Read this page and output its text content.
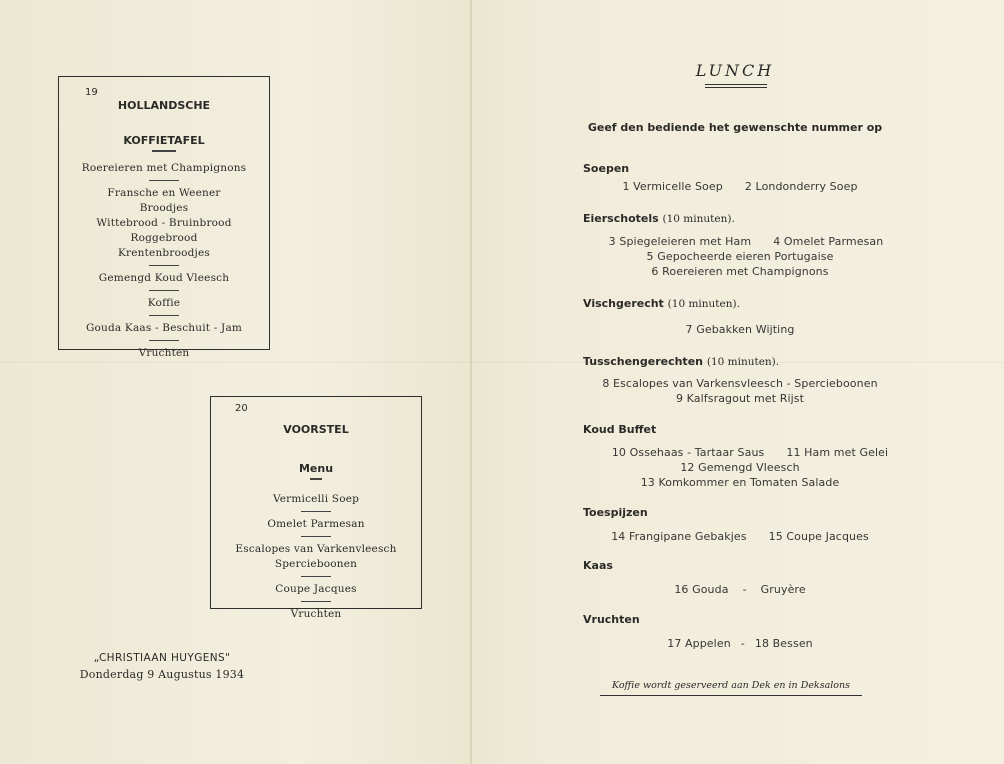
19
HOLLANDSCHE
KOFFIETAFEL
Roereieren met Champignons
Fransche en Weener
Broodjes
Wittebrood - Bruinbrood
Roggebrood
Krentenbroodjes
Gemengd Koud Vleesch
Koffie
Gouda Kaas - Beschuit - Jam
Vruchten
20
VOORSTEL
Menu
Vermicelli Soep
Omelet Parmesan
Escalopes van Varkenvleesch
Spercieboonen
Coupe Jacques
Vruchten
„CHRISTIAAN HUYGENS"
Donderdag 9 Augustus 1934
LUNCH
Geef den bediende het gewenschte nummer op
Soepen
1 Vermicelle Soep 2 Londonderry Soep
Eierschotels (10 minuten).
3 Spiegeleieren met Ham 4 Omelet Parmesan
5 Gepocheerde eieren Portugaise
6 Roereieren met Champignons
Vischgerecht (10 minuten).
7 Gebakken Wijting
Tusschengerechten (10 minuten).
8 Escalopes van Varkensvleesch - Spercieboonen
9 Kalfsragout met Rijst
Koud Buffet
10 Ossehaas - Tartaar Saus 11 Ham met Gelei
12 Gemengd Vleesch
13 Komkommer en Tomaten Salade
Toespijzen
14 Frangipane Gebakjes 15 Coupe Jacques
Kaas
16 Gouda - Gruyère
Vruchten
17 Appelen - 18 Bessen
Koffie wordt geserveerd aan Dek en in Deksalons
